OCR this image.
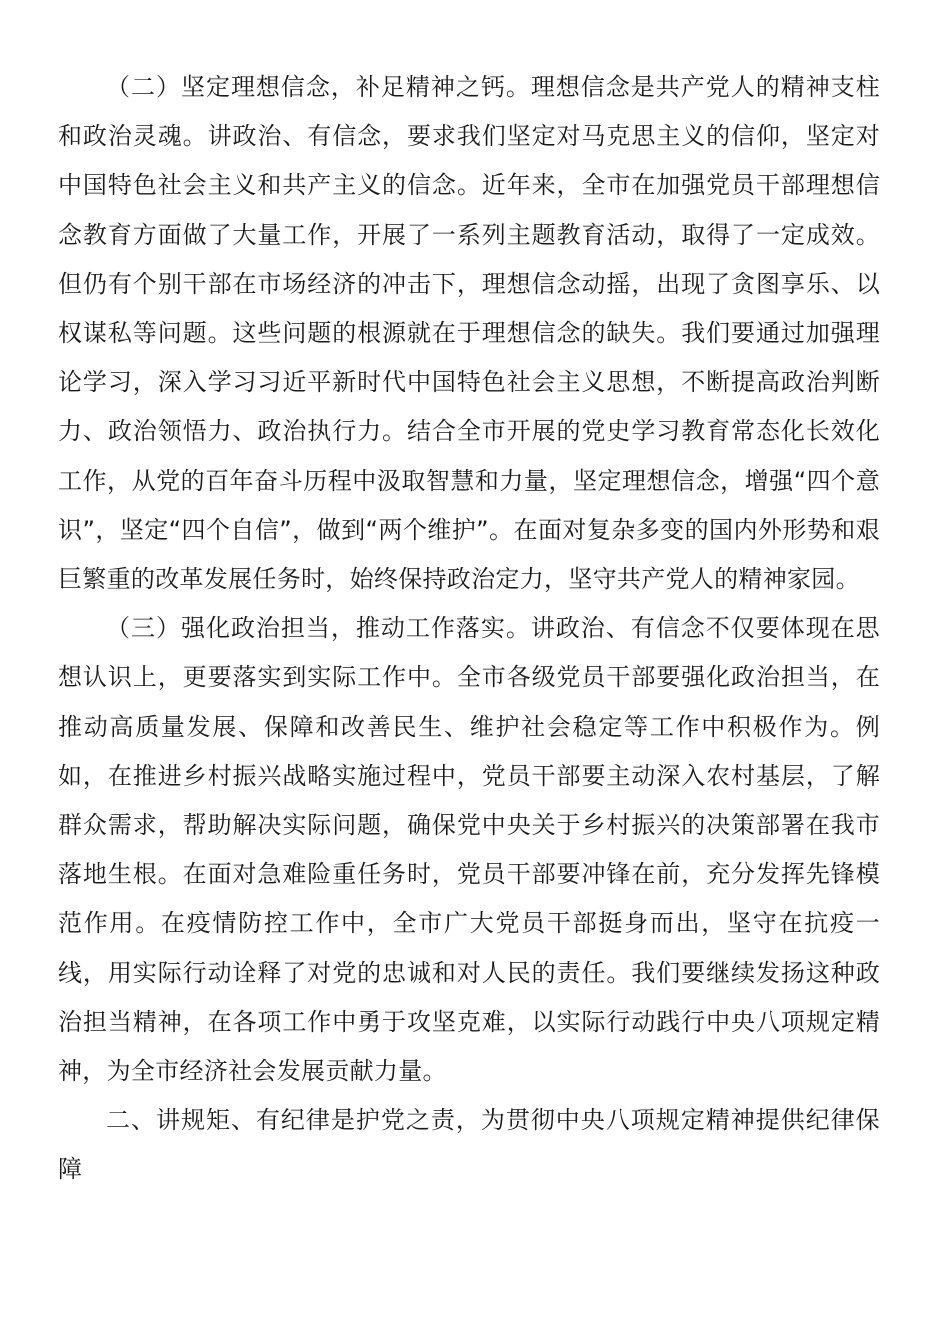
（二）坚定理想信念，补足精神之钙。理想信念是共产党人的精神支柱和政治灵魂。讲政治、有信念，要求我们坚定对马克思主义的信仰，坚定对中国特色社会主义和共产主义的信念。近年来，全市在加强党员干部理想信念教育方面做了大量工作，开展了一系列主题教育活动，取得了一定成效。但仍有个别干部在市场经济的冲击下，理想信念动摇，出现了贪图享乐、以权谋私等问题。这些问题的根源就在于理想信念的缺失。我们要通过加强理论学习，深入学习习近平新时代中国特色社会主义思想，不断提高政治判断力、政治领悟力、政治执行力。结合全市开展的党史学习教育常态化长效化工作，从党的百年奋斗历程中汲取智慧和力量，坚定理想信念，增强“四个意识”，坚定“四个自信”，做到“两个维护”。在面对复杂多变的国内外形势和艰巨繁重的改革发展任务时，始终保持政治定力，坚守共产党人的精神家园。

（三）强化政治担当，推动工作落实。讲政治、有信念不仅要体现在思想认识上，更要落实到实际工作中。全市各级党员干部要强化政治担当，在推动高质量发展、保障和改善民生、维护社会稳定等工作中积极作为。例如，在推进乡村振兴战略实施过程中，党员干部要主动深入农村基层，了解群众需求，帮助解决实际问题，确保党中央关于乡村振兴的决策部署在我市落地生根。在面对急难险重任务时，党员干部要冲锋在前，充分发挥先锋模范作用。在疫情防控工作中，全市广大党员干部挺身而出，坚守在抗疫一线，用实际行动诠释了对党的忠诚和对人民的责任。我们要继续发扬这种政治担当精神，在各项工作中勇于攻坚克难，以实际行动践行中央八项规定精神，为全市经济社会发展贡献力量。

二、讲规矩、有纪律是护党之责，为贯彻中央八项规定精神提供纪律保障
